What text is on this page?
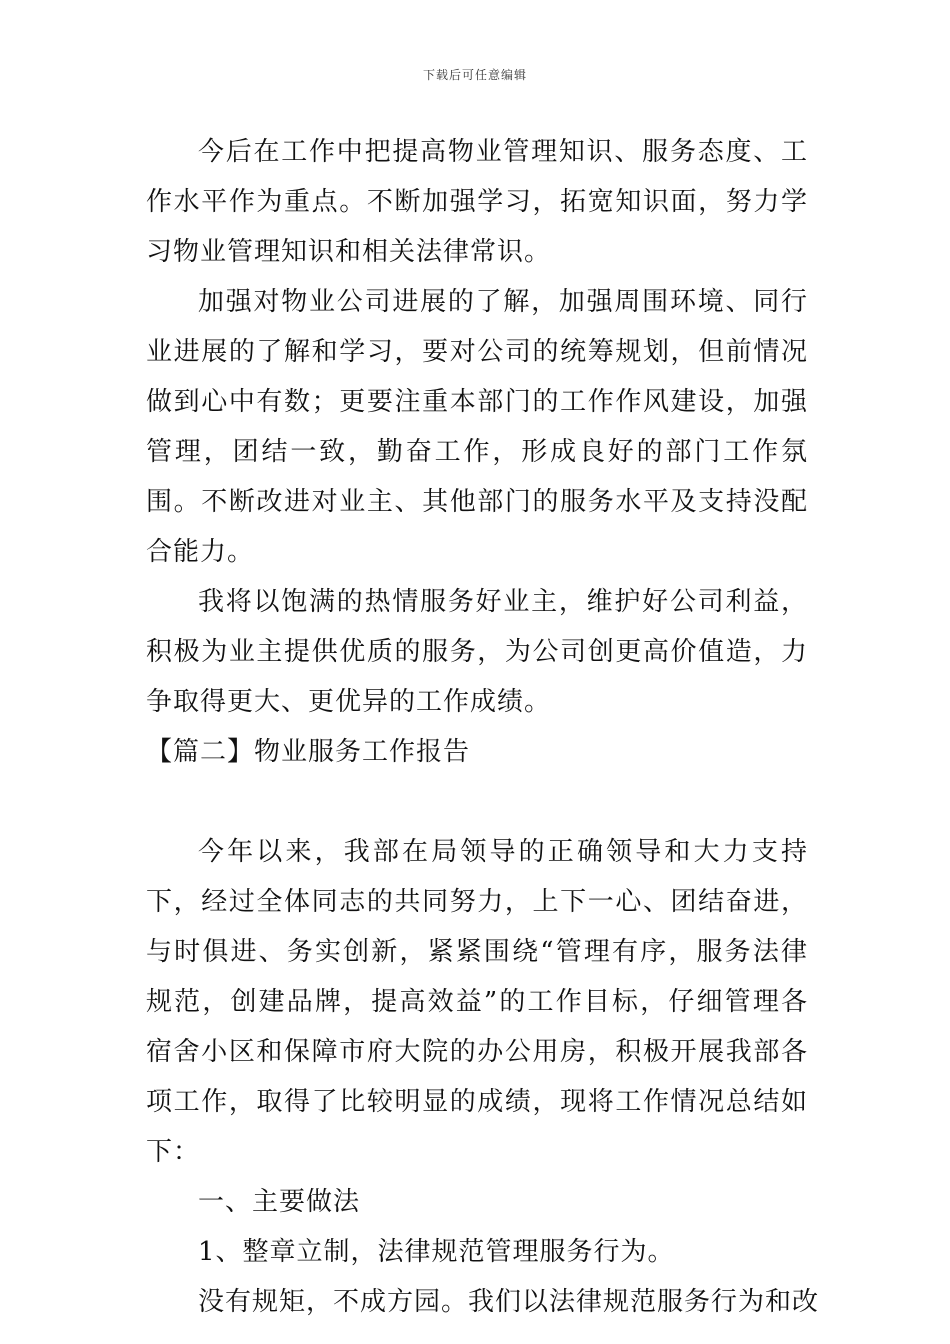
下载后可任意编辑

今后在工作中把提高物业管理知识、服务态度、工作水平作为重点。不断加强学习，拓宽知识面，努力学习物业管理知识和相关法律常识。

加强对物业公司进展的了解，加强周围环境、同行业进展的了解和学习，要对公司的统筹规划，但前情况做到心中有数；更要注重本部门的工作作风建设，加强管理，团结一致，勤奋工作，形成良好的部门工作氛围。不断改进对业主、其他部门的服务水平及支持没配合能力。

我将以饱满的热情服务好业主，维护好公司利益，积极为业主提供优质的服务，为公司创更高价值造，力争取得更大、更优异的工作成绩。

【篇二】物业服务工作报告

今年以来，我部在局领导的正确领导和大力支持下，经过全体同志的共同努力，上下一心、团结奋进，与时俱进、务实创新，紧紧围绕“管理有序，服务法律规范，创建品牌，提高效益”的工作目标，仔细管理各宿舍小区和保障市府大院的办公用房，积极开展我部各项工作，取得了比较明显的成绩，现将工作情况总结如下：

一、主要做法

1、整章立制，法律规范管理服务行为。

没有规矩，不成方园。我们以法律规范服务行为和改
